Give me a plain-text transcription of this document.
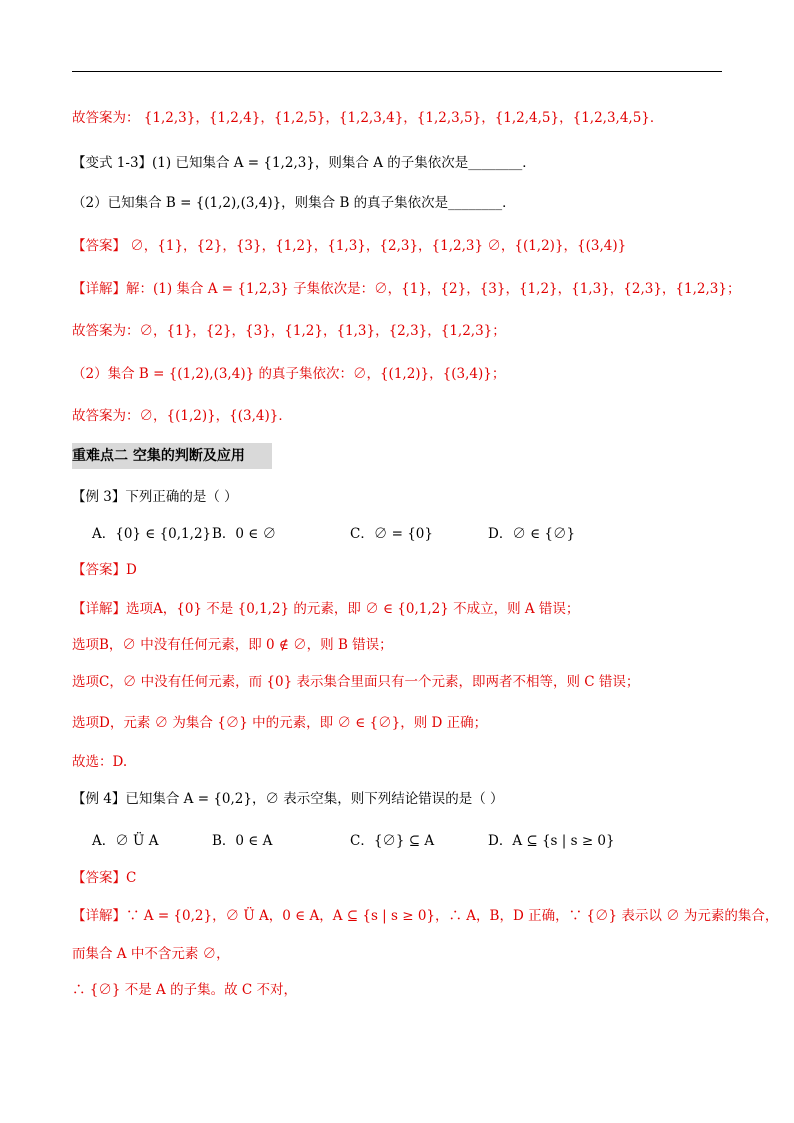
故答案为： {1,2,3}，{1,2,4}，{1,2,5}，{1,2,3,4}，{1,2,3,5}，{1,2,4,5}，{1,2,3,4,5}．
【变式 1-3】(1) 已知集合 A = {1,2,3}，则集合 A 的子集依次是________．
（2）已知集合 B = {(1,2),(3,4)}，则集合 B 的真子集依次是________．
【答案】 ∅，{1}，{2}，{3}，{1,2}，{1,3}，{2,3}，{1,2,3} ∅，{(1,2)}，{(3,4)}
【详解】解：(1) 集合 A = {1,2,3} 子集依次是：∅，{1}，{2}，{3}，{1,2}，{1,3}，{2,3}，{1,2,3}；
故答案为：∅，{1}，{2}，{3}，{1,2}，{1,3}，{2,3}，{1,2,3}；
（2）集合 B = {(1,2),(3,4)} 的真子集依次：∅，{(1,2)}，{(3,4)}；
故答案为：∅，{(1,2)}，{(3,4)}．
重难点二 空集的判断及应用
【例 3】下列正确的是（ ）
A．{0} ∈ {0,1,2} B．0 ∈ ∅	C．∅ = {0}	D．∅ ∈ {∅}
【答案】D
【详解】选项A，{0} 不是 {0,1,2} 的元素，即 ∅ ∈ {0,1,2} 不成立，则 A 错误；
选项B，∅ 中没有任何元素，即 0 ∉ ∅，则 B 错误；
选项C，∅ 中没有任何元素，而 {0} 表示集合里面只有一个元素，即两者不相等，则 C 错误；
选项D，元素 ∅ 为集合 {∅} 中的元素，即 ∅ ∈ {∅}，则 D 正确；
故选：D.
【例 4】已知集合 A = {0,2}，∅ 表示空集，则下列结论错误的是（ ）
A．∅ Ü A	B．0 ∈ A	C．{∅} ⊆ A	D．A ⊆ {s | s ≥ 0}
【答案】C
【详解】∵ A = {0,2}，∅ Ü A，0 ∈ A，A ⊆ {s | s ≥ 0}，∴ A，B，D 正确，∵ {∅} 表示以 ∅ 为元素的集合，
而集合 A 中不含元素 ∅，
∴ {∅} 不是 A 的子集。故 C 不对，
